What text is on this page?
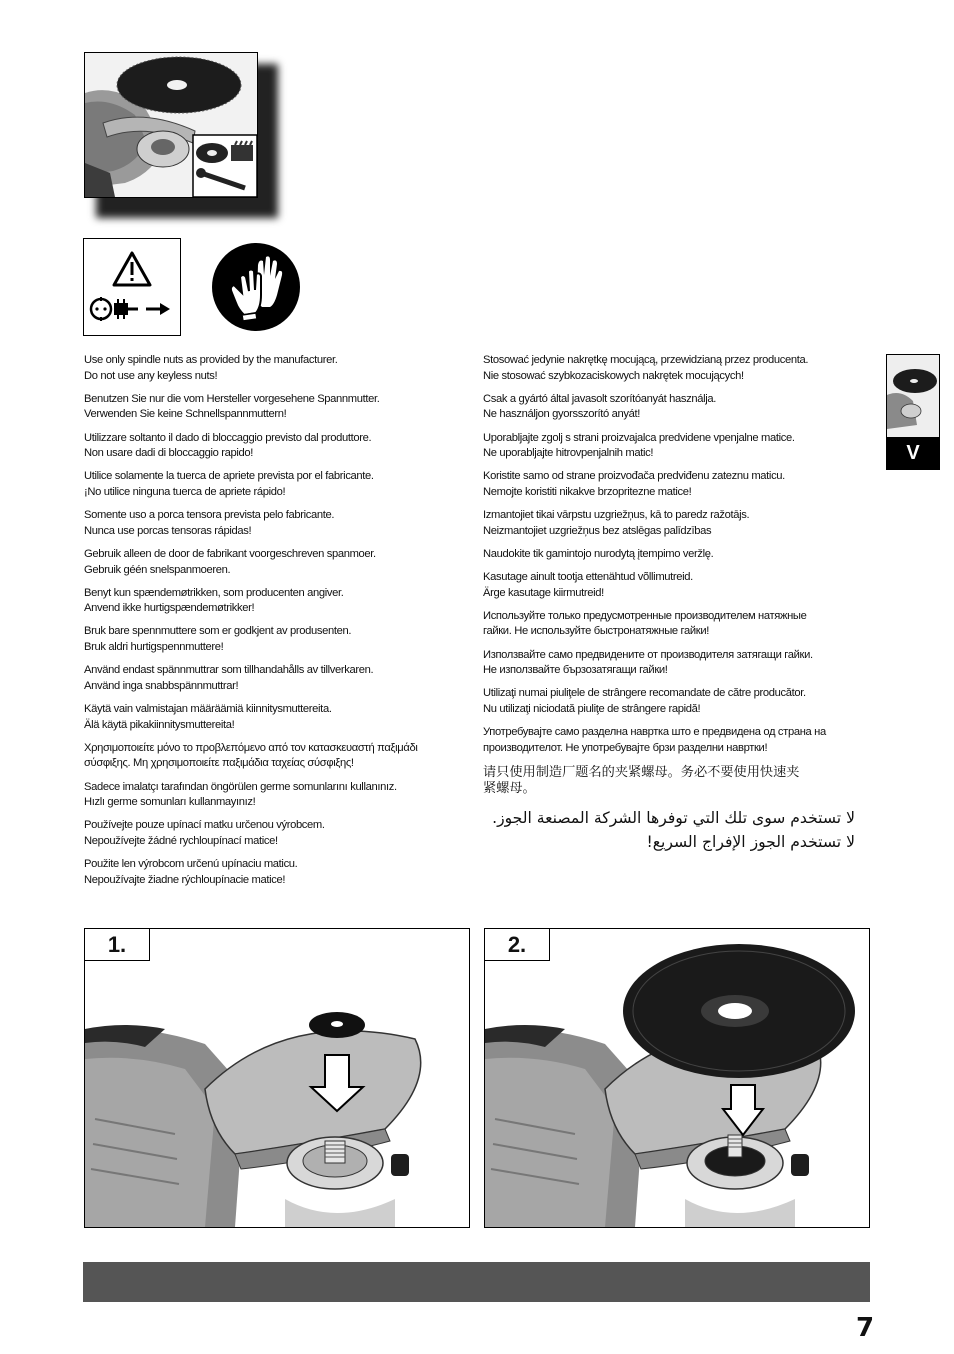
Use only spindle nuts as provided by the manufacturer.
Do not use any keyless nuts!

Benutzen Sie nur die vom Hersteller vorgesehene Spannmutter.
Verwenden Sie keine Schnellspannmuttern!

Utilizzare soltanto il dado di bloccaggio previsto dal produttore.
Non usare dadi di bloccaggio rapido!

Utilice solamente la tuerca de apriete prevista por el fabricante.
¡No utilice ninguna tuerca de apriete rápido!

Somente uso a porca tensora prevista pelo fabricante.
Nunca use porcas tensoras rápidas!

Gebruik alleen de door de fabrikant voorgeschreven spanmoer.
Gebruik géén snelspanmoeren.

Benyt kun spændemøtrikken, som producenten angiver.
Anvend ikke hurtigspændemøtrikker!

Bruk bare spennmuttere som er godkjent av produsenten.
Bruk aldri hurtigspennmuttere!

Använd endast spännmuttrar som tillhandahålls av tillverkaren.
Använd inga snabbspännmuttrar!

Käytä vain valmistajan määräämiä kiinnitysmuttereita.
Älä käytä pikakiinnitysmuttereita!

Χρησιμοποιείτε μόνο το προβλεπόμενο από τον κατασκευαστή παξιμάδι
σύσφιξης. Μη χρησιμοποιείτε παξιμάδια ταχείας σύσφιξης!

Sadece imalatçı tarafından öngörülen germe somunlarını kullanınız.
Hızlı germe somunları kullanmayınız!

Používejte pouze upínací matku určenou výrobcem.
Nepoužívejte žádné rychloupínací matice!

Použite len výrobcom určenú upínaciu maticu.
Nepoužívajte žiadne rýchloupínacie matice!

Stosować jedynie nakrętkę mocującą, przewidzianą przez producenta.
Nie stosować szybkozaciskowych nakrętek mocujących!

Csak a gyártó által javasolt szorítóanyát használja.
Ne használjon gyorsszorító anyát!

Uporabljajte zgolj s strani proizvajalca predvidene vpenjalne matice.
Ne uporabljajte hitrovpenjalnih matic!

Koristite samo od strane proizvođača predviđenu zateznu maticu.
Nemojte koristiti nikakve brzopritezne matice!

Izmantojiet tikai vārpstu uzgriežņus, kā to paredz ražotājs.
Neizmantojiet uzgriežņus bez atslēgas palīdzības

Naudokite tik gamintojo nurodytą įtempimo veržlę.

Kasutage ainult tootja ettenähtud võllimutreid.
Ärge kasutage kiirmutreid!

Используйте только предусмотренные производителем натяжные
гайки. Не используйте быстронатяжные гайки!

Използвайте само предвидените от производителя затягащи гайки.
Не използвайте бързозатягащи гайки!

Utilizaţi numai piuliţele de strângere recomandate de către producător.
Nu utilizaţi niciodată piuliţe de strângere rapidă!

Употребувајте само разделна навртка што е предвидена од страна на
производителот. Не употребувајте брзи разделни навртки!

请只使用制造厂题名的夹紧螺母。务必不要使用快速夹
紧螺母。

لا تستخدم سوى تلك التي توفرها الشركة المصنعة الجوز.
لا تستخدم الجوز الإفراج السريع!

V
1.	2.
7
